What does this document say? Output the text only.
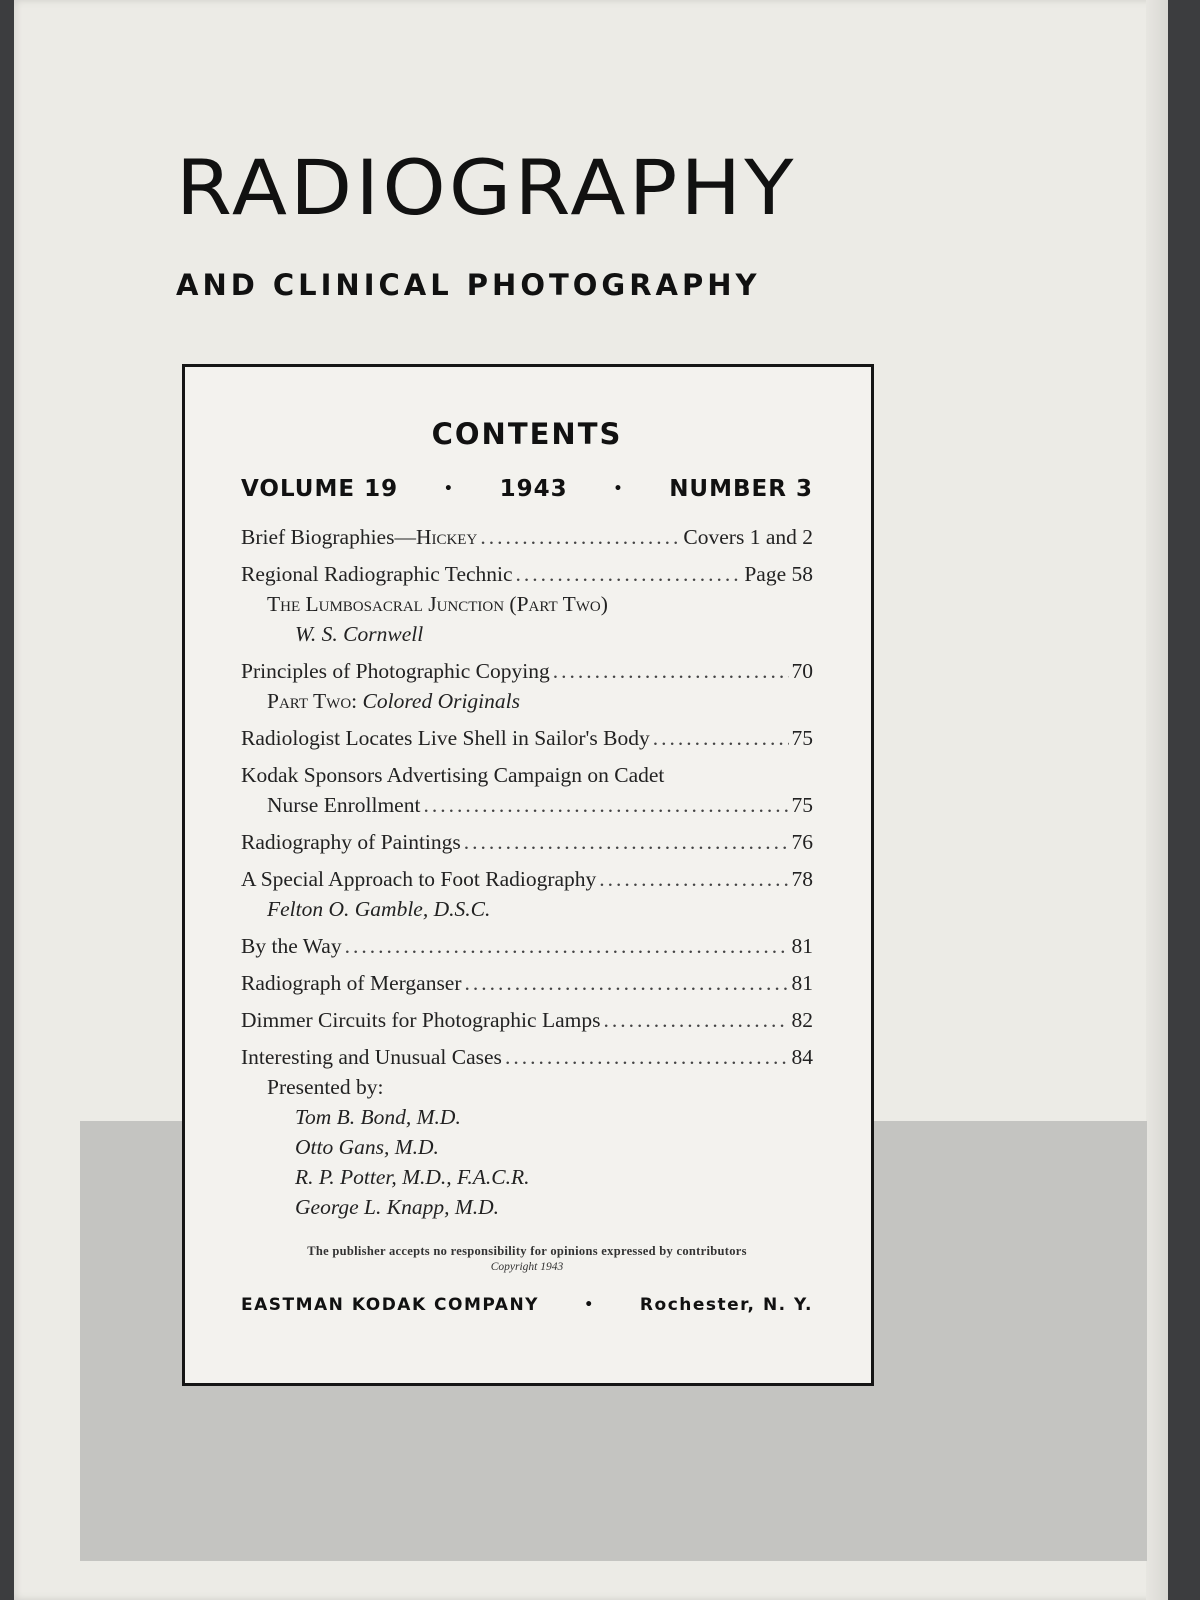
RADIOGRAPHY
AND CLINICAL PHOTOGRAPHY
CONTENTS
VOLUME 19	• 1943	• NUMBER 3
Brief Biographies—Hickey .....	Covers 1 and 2
Regional Radiographic Technic .....	Page 58
The Lumbosacral Junction (Part Two)
W. S. Cornwell
Principles of Photographic Copying .....	70
Part Two: Colored Originals
Radiologist Locates Live Shell in Sailor's Body .....	75
Kodak Sponsors Advertising Campaign on Cadet
Nurse Enrollment .....	75
Radiography of Paintings .....	76
A Special Approach to Foot Radiography .....	78
Felton O. Gamble, D.S.C.
By the Way .....	81
Radiograph of Merganser .....	81
Dimmer Circuits for Photographic Lamps .....	82
Interesting and Unusual Cases .....	84
Presented by:
Tom B. Bond, M.D.
Otto Gans, M.D.
R. P. Potter, M.D., F.A.C.R.
George L. Knapp, M.D.
The publisher accepts no responsibility for opinions expressed by contributors
Copyright 1943
EASTMAN KODAK COMPANY	•	Rochester, N. Y.
